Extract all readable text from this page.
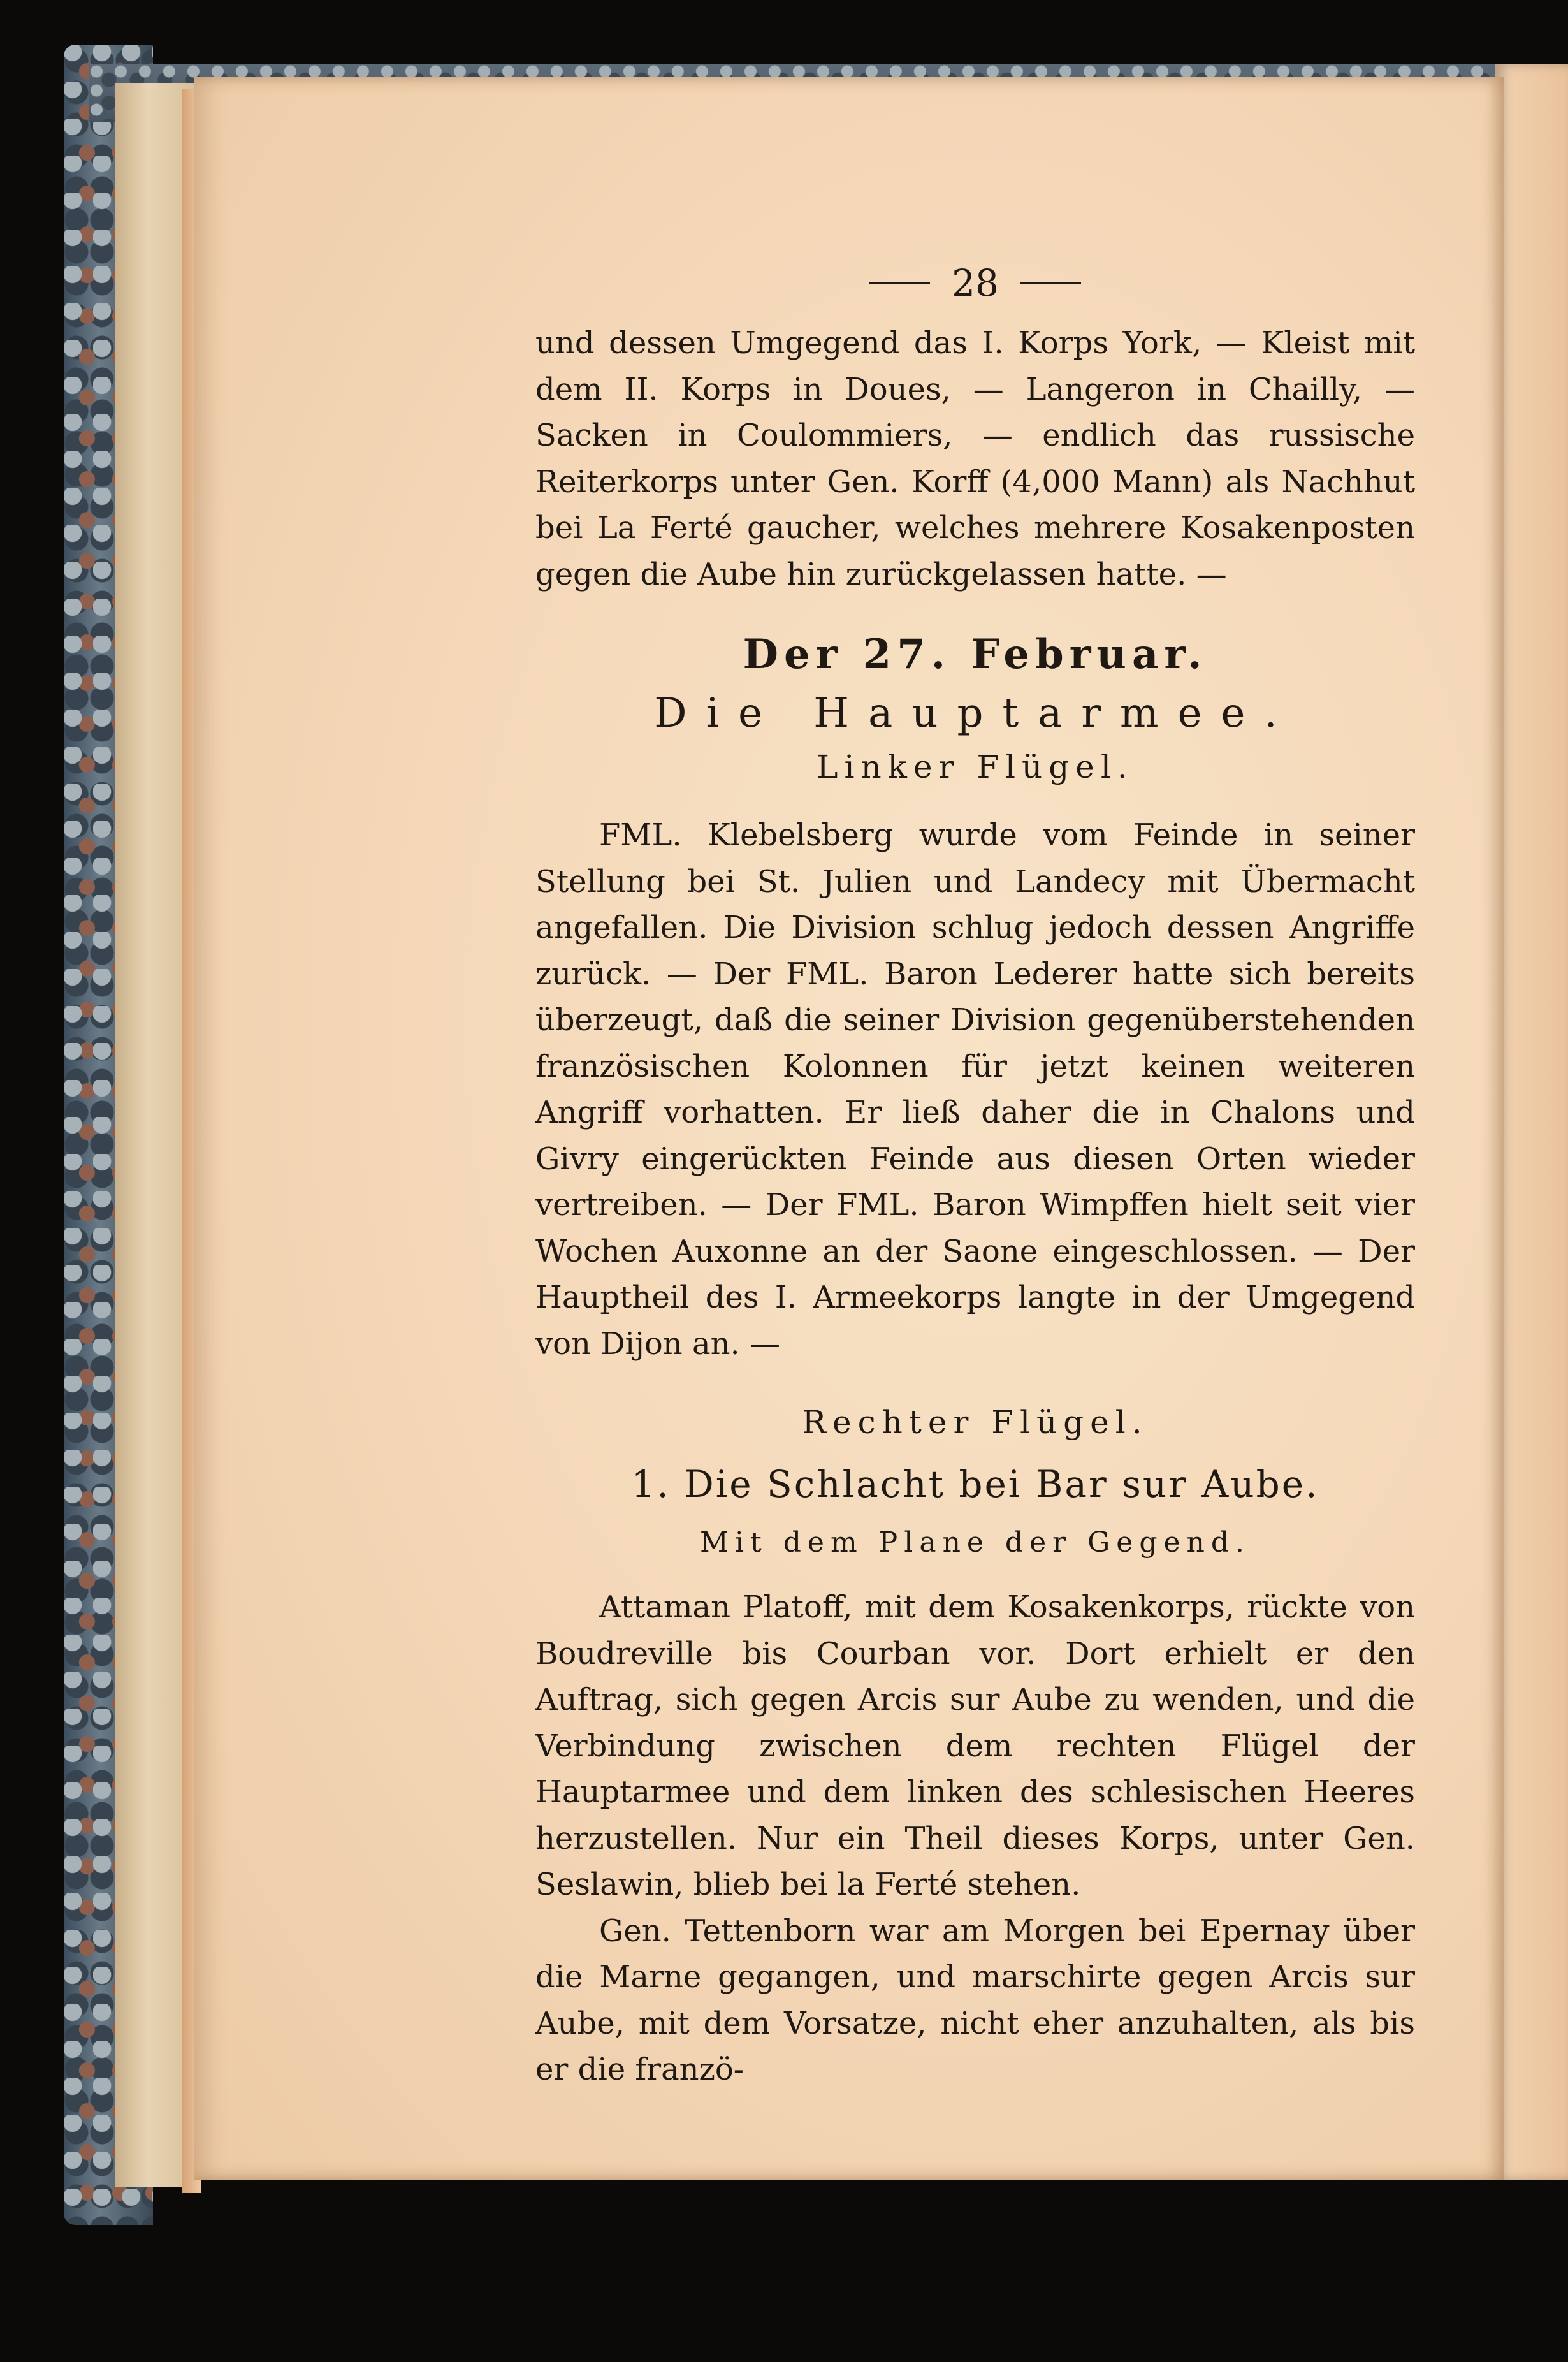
28

und dessen Umgegend das I. Korps York, — Kleist mit dem II. Korps in Doues, — Langeron in Chailly, — Sacken in Coulommiers, — endlich das russische Reiterkorps unter Gen. Korff (4,000 Mann) als Nachhut bei La Ferté gaucher, welches mehrere Kosakenposten gegen die Aube hin zurückgelassen hatte. —

Der 27. Februar.
Die Hauptarmee.
Linker Flügel.

FML. Klebelsberg wurde vom Feinde in seiner Stellung bei St. Julien und Landecy mit Übermacht angefallen. Die Division schlug jedoch dessen Angriffe zurück. — Der FML. Baron Lederer hatte sich bereits überzeugt, daß die seiner Division gegenüberstehenden französischen Kolonnen für jetzt keinen weiteren Angriff vorhatten. Er ließ daher die in Chalons und Givry eingerückten Feinde aus diesen Orten wieder vertreiben. — Der FML. Baron Wimpffen hielt seit vier Wochen Auxonne an der Saone eingeschlossen. — Der Hauptheil des I. Armeekorps langte in der Umgegend von Dijon an. —

Rechter Flügel.
1. Die Schlacht bei Bar sur Aube.
Mit dem Plane der Gegend.

Attaman Platoff, mit dem Kosakenkorps, rückte von Boudreville bis Courban vor. Dort erhielt er den Auftrag, sich gegen Arcis sur Aube zu wenden, und die Verbindung zwischen dem rechten Flügel der Hauptarmee und dem linken des schlesischen Heeres herzustellen. Nur ein Theil dieses Korps, unter Gen. Seslawin, blieb bei la Ferté stehen.

Gen. Tettenborn war am Morgen bei Epernay über die Marne gegangen, und marschirte gegen Arcis sur Aube, mit dem Vorsatze, nicht eher anzuhalten, als bis er die franzö-
